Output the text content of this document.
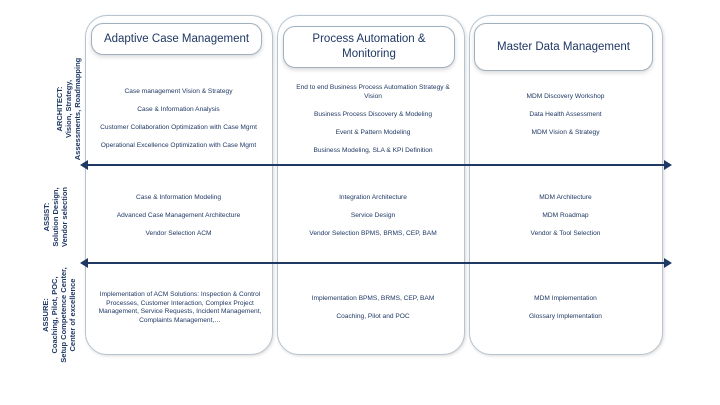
Adaptive Case Management	Process Automation & Monitoring
Master Data Management
ARCHITECT:
Vision, Strategy,
Assessments, Roadmapping
ASSIST:
Solution Design,
Vendor selection
ASSURE:
Coaching, Pilot, POC,
Setup Competence Center,
Center of excellence
Case management Vision & Strategy
Case & Information Analysis
Customer Collaboration Optimization with Case Mgmt
Operational Excellence Optimization with Case Mgmt
End to end Business Process Automation Strategy & Vision
Business Process Discovery & Modeling
Event & Pattern Modeling
Business Modeling, SLA & KPI Definition
MDM Discovery Workshop
Data Health Assessment
MDM Vision & Strategy
Case & Information Modeling
Advanced Case Management Architecture
Vendor Selection ACM
Integration Architecture
Service Design
Vendor Selection BPMS, BRMS, CEP, BAM
MDM Architecture
MDM Roadmap
Vendor & Tool Selection
Implementation of ACM Solutions: Inspection & Control Processes, Customer Interaction, Complex Project Management, Service Requests, Incident Management, Complaints Management,…
Implementation BPMS, BRMS, CEP, BAM
Coaching, Pilot and POC
MDM Implementation
Glossary Implementation
